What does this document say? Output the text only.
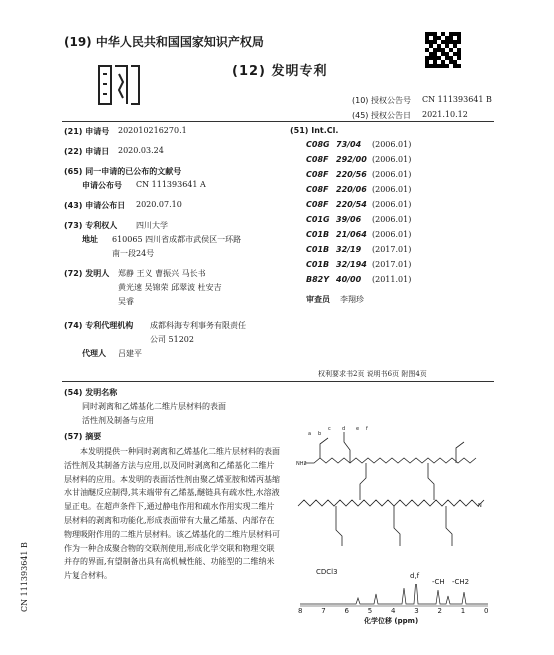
(19) 中华人民共和国国家知识产权局
(12) 发明专利
(10) 授权公告号 CN 111393641 B
(45) 授权公告日 2021.10.12
(21) 申请号 202010216270.1
(22) 申请日 2020.03.24
(65) 同一申请的已公布的文献号
申请公布号 CN 111393641 A
(43) 申请公布日 2020.07.10
(73) 专利权人 四川大学
地址 610065 四川省成都市武侯区一环路
南一段24号
(72) 发明人 郑静 王义 曹振兴 马长书
黄光速 吴锦荣 邱翠波 杜安吉
吴睿
(74) 专利代理机构 成都科海专利事务有限责任
公司 51202
代理人 吕建平
(51) Int.Cl.
C08G 73/04 (2006.01)
C08F 292/00 (2006.01)
C08F 220/56 (2006.01)
C08F 220/06 (2006.01)
C08F 220/54 (2006.01)
C01G 39/06 (2006.01)
C01B 21/064 (2006.01)
C01B 32/19 (2017.01)
C01B 32/194 (2017.01)
B82Y 40/00 (2011.01)
审查员 李翔珍
权利要求书2页 说明书6页 附图4页
(54) 发明名称
同时剥离和乙烯基化二维片层材料的表面
活性剂及制备与应用
(57) 摘要
本发明提供一种同时剥离和乙烯基化二维片层材料的表面活性剂及其制备方法与应用,以及同时剥离和乙烯基化二维片层材料的应用。本发明的表面活性剂由聚乙烯亚胺和烯丙基缩水甘油醚反应制得,其末端带有乙烯基,醚链具有疏水性,水溶液显正电。在超声条件下,通过静电作用和疏水作用实现二维片层材料的剥离和功能化,形成表面带有大量乙烯基、内部存在物理吸附作用的二维片层材料。该乙烯基化的二维片层材料可作为一种合成聚合物的交联剂使用,形成化学交联和物理交联并存的界面,有望制备出具有高机械性能、功能型的二维纳米片复合材料。
NH2
N
a b
c d e f
CDCl3	d,f
-CH -CH2
8	7	6	5	4	3	2	1	0
化学位移 (ppm)
CN 111393641 B
